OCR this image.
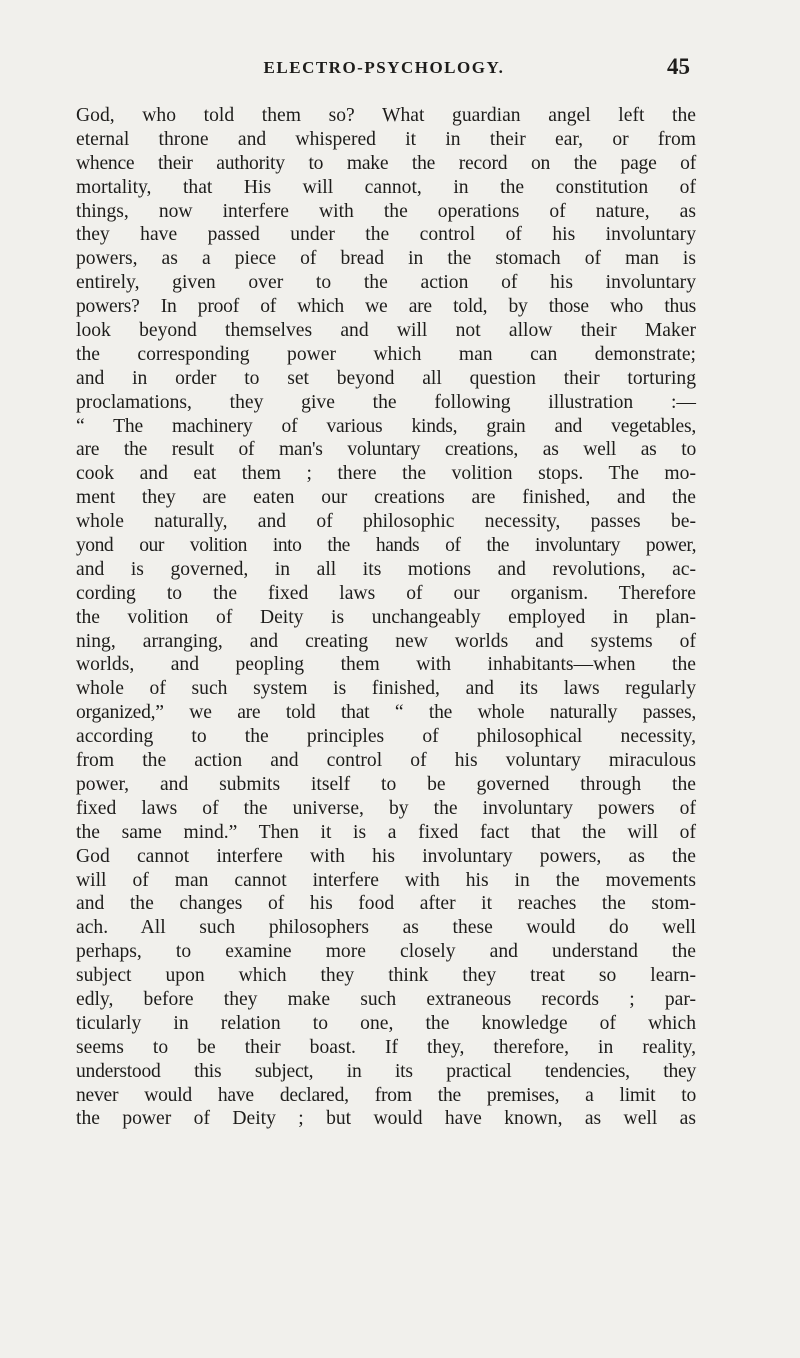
ELECTRO-PSYCHOLOGY.	45
God, who told them so? What guardian angel left the
eternal throne and whispered it in their ear, or from
whence their authority to make the record on the page of
mortality, that His will cannot, in the constitution of
things, now interfere with the operations of nature, as
they have passed under the control of his involuntary
powers, as a piece of bread in the stomach of man is
entirely, given over to the action of his involuntary
powers? In proof of which we are told, by those who thus
look beyond themselves and will not allow their Maker
the corresponding power which man can demonstrate;
and in order to set beyond all question their torturing
proclamations, they give the following illustration :—
“ The machinery of various kinds, grain and vegetables,
are the result of man's voluntary creations, as well as to
cook and eat them ; there the volition stops. The mo-
ment they are eaten our creations are finished, and the
whole naturally, and of philosophic necessity, passes be-
yond our volition into the hands of the involuntary power,
and is governed, in all its motions and revolutions, ac-
cording to the fixed laws of our organism. Therefore
the volition of Deity is unchangeably employed in plan-
ning, arranging, and creating new worlds and systems of
worlds, and peopling them with inhabitants—when the
whole of such system is finished, and its laws regularly
organized,” we are told that “ the whole naturally passes,
according to the principles of philosophical necessity,
from the action and control of his voluntary miraculous
power, and submits itself to be governed through the
fixed laws of the universe, by the involuntary powers of
the same mind.” Then it is a fixed fact that the will of
God cannot interfere with his involuntary powers, as the
will of man cannot interfere with his in the movements
and the changes of his food after it reaches the stom-
ach. All such philosophers as these would do well
perhaps, to examine more closely and understand the
subject upon which they think they treat so learn-
edly, before they make such extraneous records ; par-
ticularly in relation to one, the knowledge of which
seems to be their boast. If they, therefore, in reality,
understood this subject, in its practical tendencies, they
never would have declared, from the premises, a limit to
the power of Deity ; but would have known, as well as
